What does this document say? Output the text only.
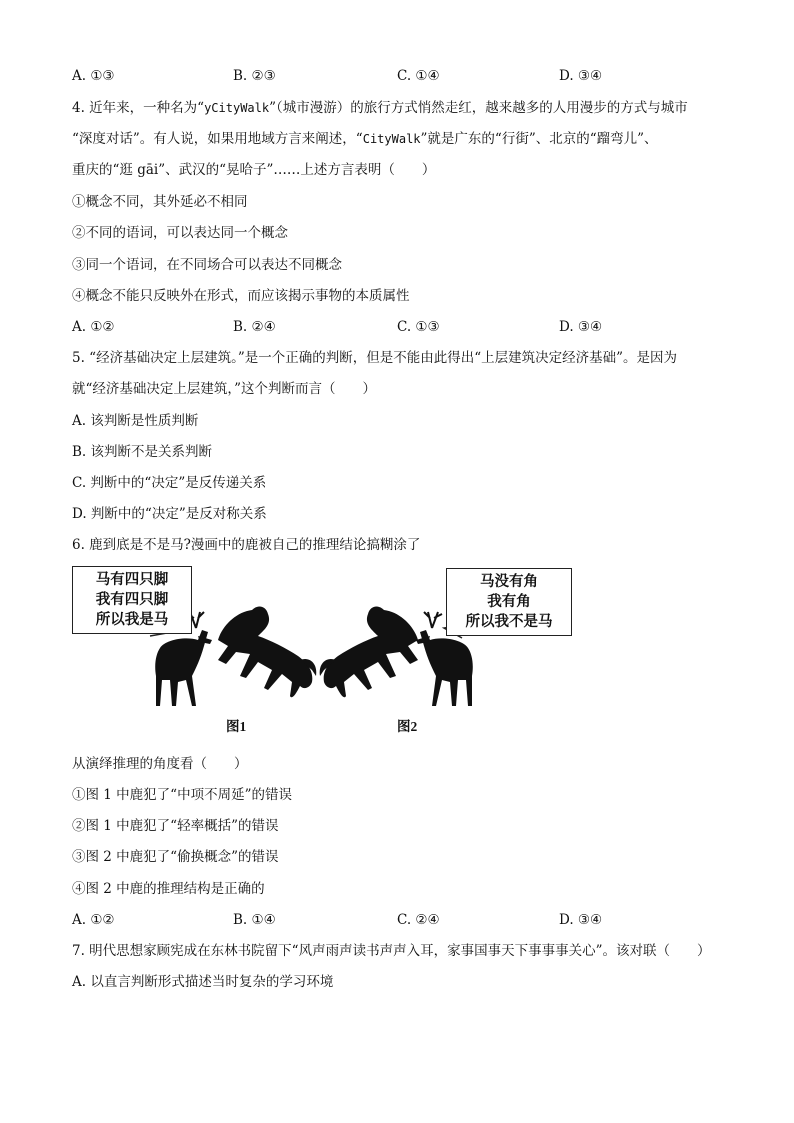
A. ①③	B. ②③	C. ①④	D. ③④
4. 近年来，一种名为“yCityWalk”（城市漫游）的旅行方式悄然走红，越来越多的人用漫步的方式与城市
“深度对话”。有人说，如果用地域方言来阐述，“CityWalk”就是广东的“行街”、北京的“蹓弯儿”、
重庆的“逛 gāi”、武汉的“晃哈子”……上述方言表明（　　）
①概念不同，其外延必不相同
②不同的语词，可以表达同一个概念
③同一个语词，在不同场合可以表达不同概念
④概念不能只反映外在形式，而应该揭示事物的本质属性
A. ①②	B. ②④	C. ①③	D. ③④
5. “经济基础决定上层建筑。”是一个正确的判断，但是不能由此得出“上层建筑决定经济基础”。是因为
就“经济基础决定上层建筑，”这个判断而言（　　）
A. 该判断是性质判断
B. 该判断不是关系判断
C. 判断中的“决定”是反传递关系
D. 判断中的“决定”是反对称关系
6. 鹿到底是不是马?漫画中的鹿被自己的推理结论搞糊涂了
马有四只脚
我有四只脚
所以我是马
马没有角
我有角
所以我不是马
图1	图2
从演绎推理的角度看（　　）
①图 1 中鹿犯了“中项不周延”的错误
②图 1 中鹿犯了“轻率概括”的错误
③图 2 中鹿犯了“偷换概念”的错误
④图 2 中鹿的推理结构是正确的
A. ①②	B. ①④	C. ②④	D. ③④
7. 明代思想家顾宪成在东林书院留下“风声雨声读书声声入耳，家事国事天下事事事关心”。该对联（　　）
A. 以直言判断形式描述当时复杂的学习环境
